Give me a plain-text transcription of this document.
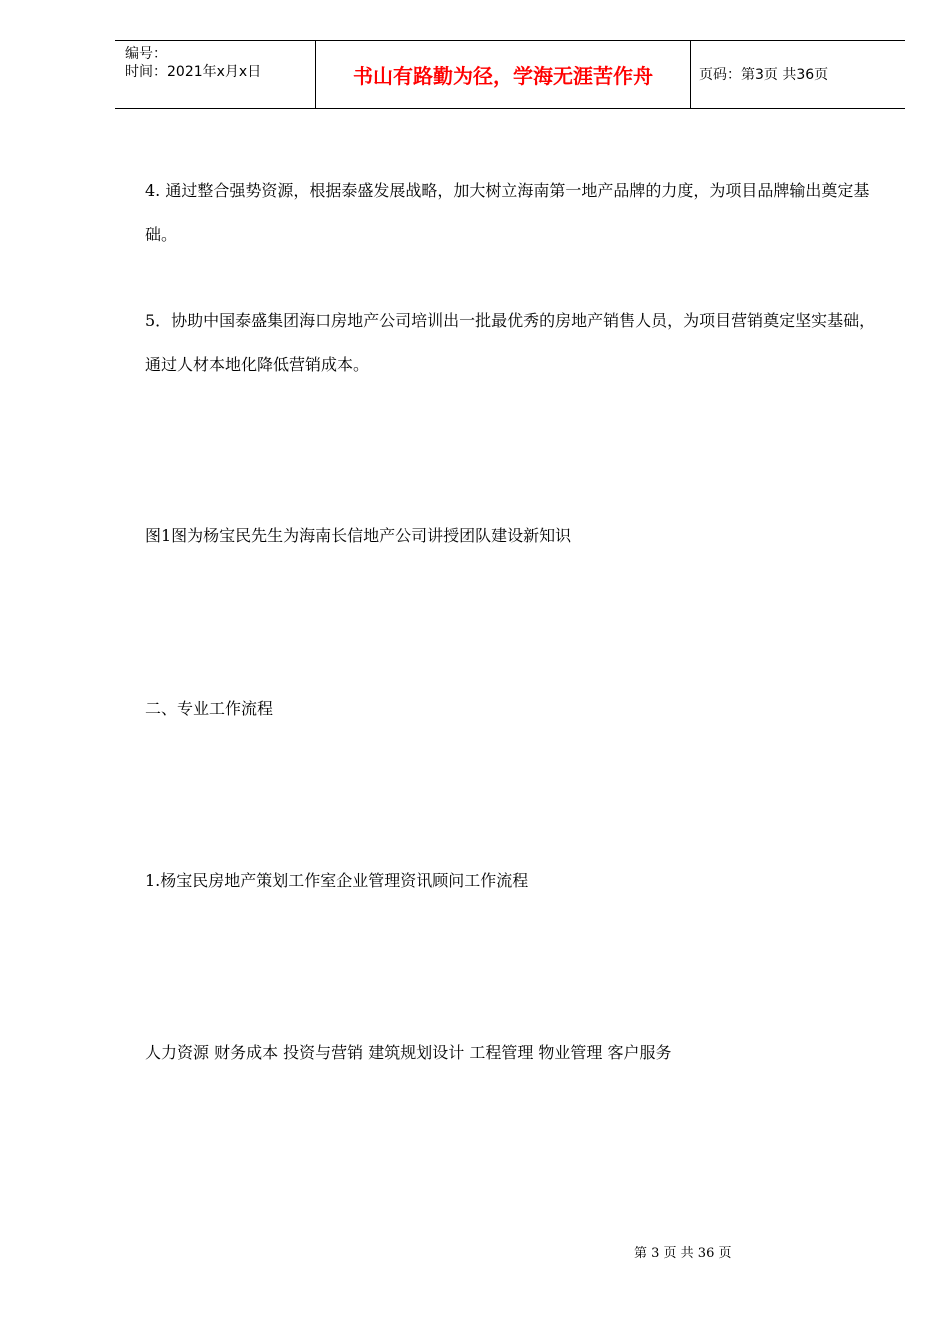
编号：
时间：2021年x月x日	书山有路勤为径，学海无涯苦作舟	页码：第3页 共36页

4. 通过整合强势资源，根据泰盛发展战略，加大树立海南第一地产品牌的力度，为项目品牌输出奠定基础。

5．协助中国泰盛集团海口房地产公司培训出一批最优秀的房地产销售人员，为项目营销奠定坚实基础，通过人材本地化降低营销成本。

图1图为杨宝民先生为海南长信地产公司讲授团队建设新知识

二、专业工作流程

1.杨宝民房地产策划工作室企业管理资讯顾问工作流程

人力资源 财务成本 投资与营销 建筑规划设计 工程管理 物业管理 客户服务

第 3 页 共 36 页
